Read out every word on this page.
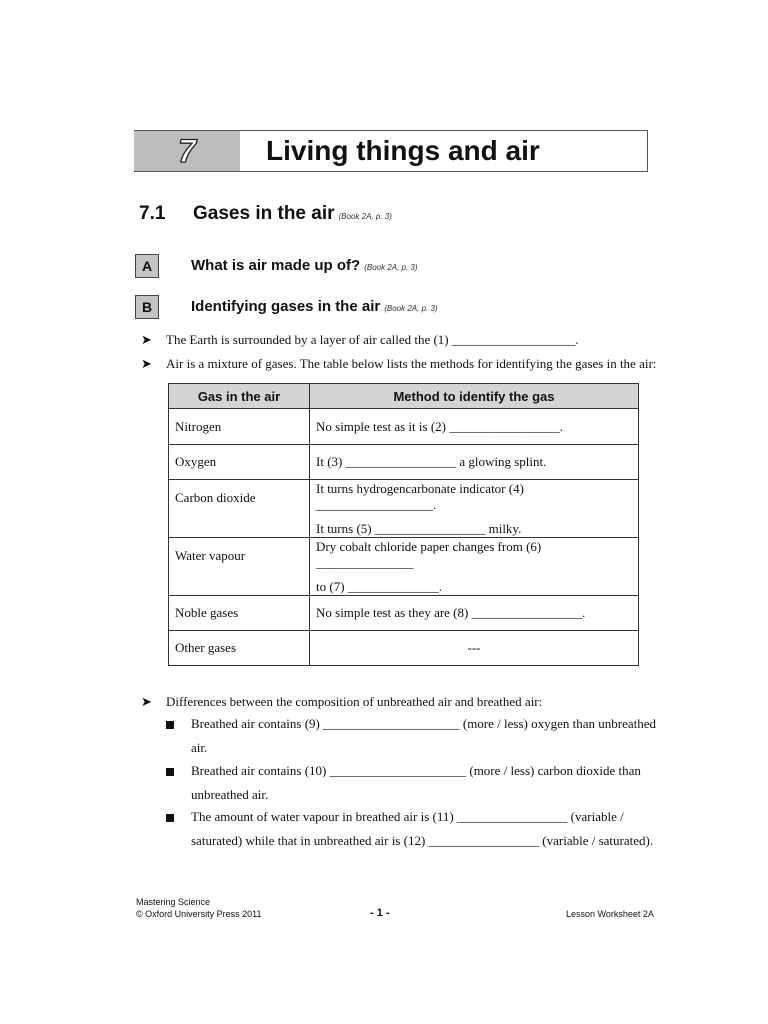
7	Living things and air
7.1 Gases in the air (Book 2A, p. 3)
A	What is air made up of? (Book 2A, p. 3)
B	Identifying gases in the air (Book 2A, p. 3)
➤ The Earth is surrounded by a layer of air called the (1) ___________________.
➤ Air is a mixture of gases. The table below lists the methods for identifying the gases in the air:
Gas in the air	Method to identify the gas
Nitrogen	No simple test as it is (2) _________________.
Oxygen	It (3) _________________ a glowing splint.
Carbon dioxide	It turns hydrogencarbonate indicator (4) __________________.
It turns (5) _________________ milky.

Water vapour	Dry cobalt chloride paper changes from (6) _______________
to (7) ______________.

Noble gases	No simple test as they are (8) _________________.
Other gases	---
➤ Differences between the composition of unbreathed air and breathed air:
Breathed air contains (9) _____________________ (more / less) oxygen than unbreathed
air.
Breathed air contains (10) _____________________ (more / less) carbon dioxide than
unbreathed air.
The amount of water vapour in breathed air is (11) _________________ (variable /
saturated) while that in unbreathed air is (12) _________________ (variable / saturated).
Mastering Science
© Oxford University Press 2011	- 1 -	Lesson Worksheet 2A
